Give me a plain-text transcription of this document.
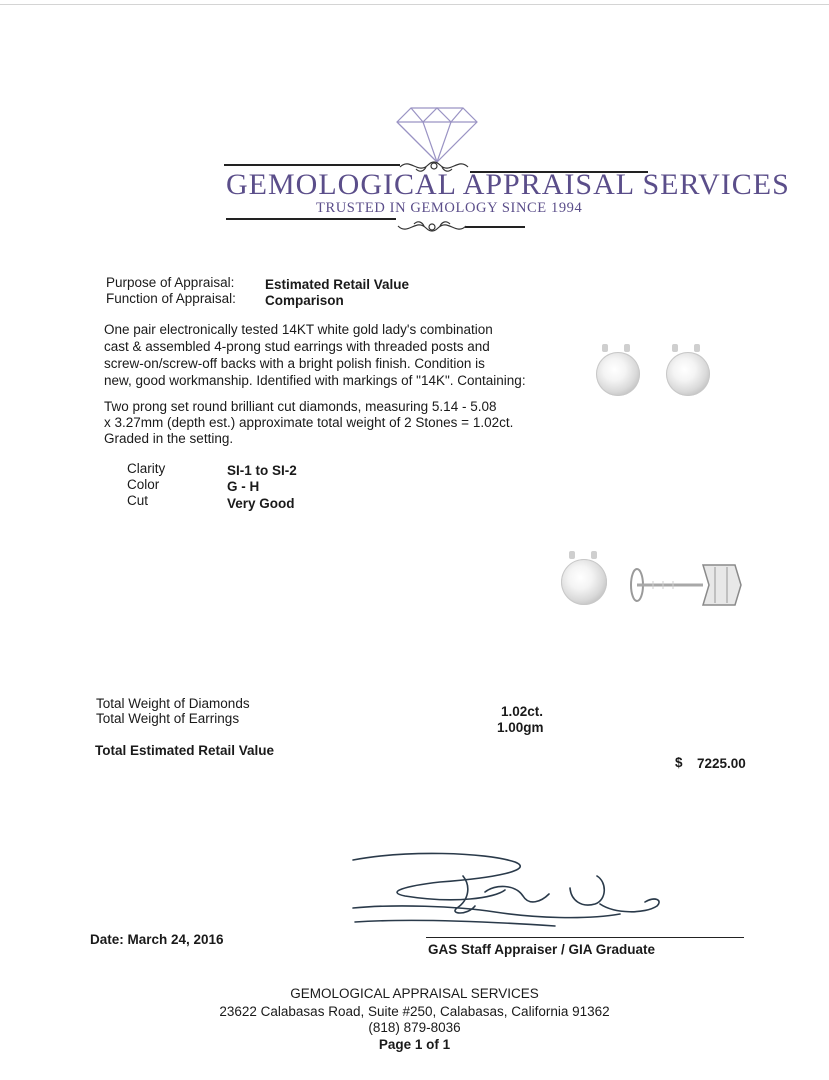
GEMOLOGICAL APPRAISAL SERVICES
TRUSTED IN GEMOLOGY SINCE 1994
Purpose of Appraisal: Estimated Retail Value
Function of Appraisal: Comparison
One pair electronically tested 14KT white gold lady's combination
cast & assembled 4-prong stud earrings with threaded posts and
screw-on/screw-off backs with a bright polish finish. Condition is
new, good workmanship. Identified with markings of "14K". Containing:
Two prong set round brilliant cut diamonds, measuring 5.14 - 5.08
x 3.27mm (depth est.) approximate total weight of 2 Stones = 1.02ct.
Graded in the setting.
Clarity	SI-1 to SI-2
Color	G - H
Cut	Very Good
Total Weight of Diamonds
1.02ct.
Total Weight of Earrings
1.00gm
Total Estimated Retail Value
$ 7225.00
Date: March 24, 2016
GAS Staff Appraiser / GIA Graduate
GEMOLOGICAL APPRAISAL SERVICES
23622 Calabasas Road, Suite #250, Calabasas, California 91362
(818) 879-8036
Page 1 of 1
